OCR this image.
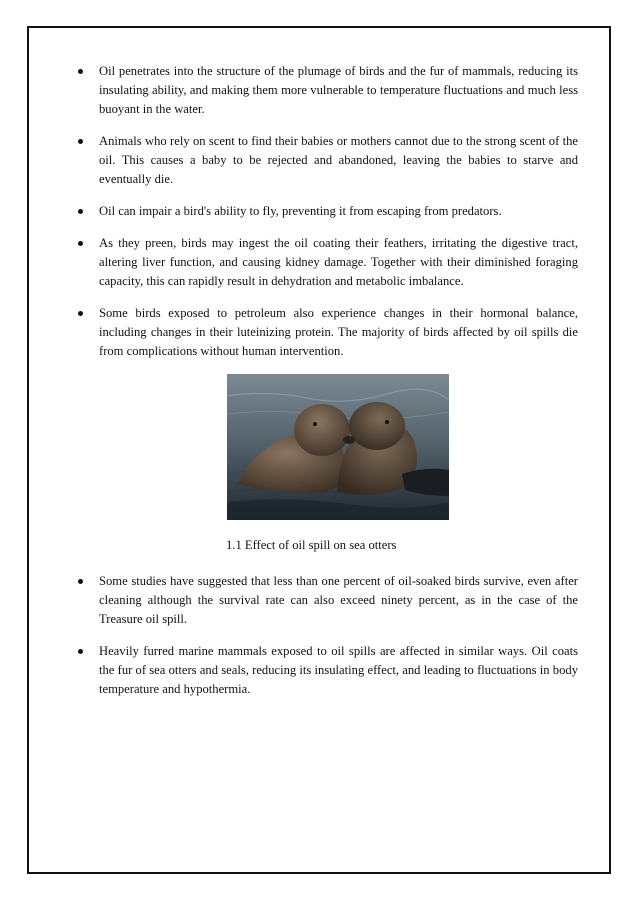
Oil penetrates into the structure of the plumage of birds and the fur of mammals, reducing its insulating ability, and making them more vulnerable to temperature fluctuations and much less buoyant in the water.
Animals who rely on scent to find their babies or mothers cannot due to the strong scent of the oil. This causes a baby to be rejected and abandoned, leaving the babies to starve and eventually die.
Oil can impair a bird's ability to fly, preventing it from escaping from predators.
As they preen, birds may ingest the oil coating their feathers, irritating the digestive tract, altering liver function, and causing kidney damage. Together with their diminished foraging capacity, this can rapidly result in dehydration and metabolic imbalance.
Some birds exposed to petroleum also experience changes in their hormonal balance, including changes in their luteinizing protein. The majority of birds affected by oil spills die from complications without human intervention.
1.1 Effect of oil spill on sea otters
Some studies have suggested that less than one percent of oil-soaked birds survive, even after cleaning although the survival rate can also exceed ninety percent, as in the case of the Treasure oil spill.
Heavily furred marine mammals exposed to oil spills are affected in similar ways. Oil coats the fur of sea otters and seals, reducing its insulating effect, and leading to fluctuations in body temperature and hypothermia.
